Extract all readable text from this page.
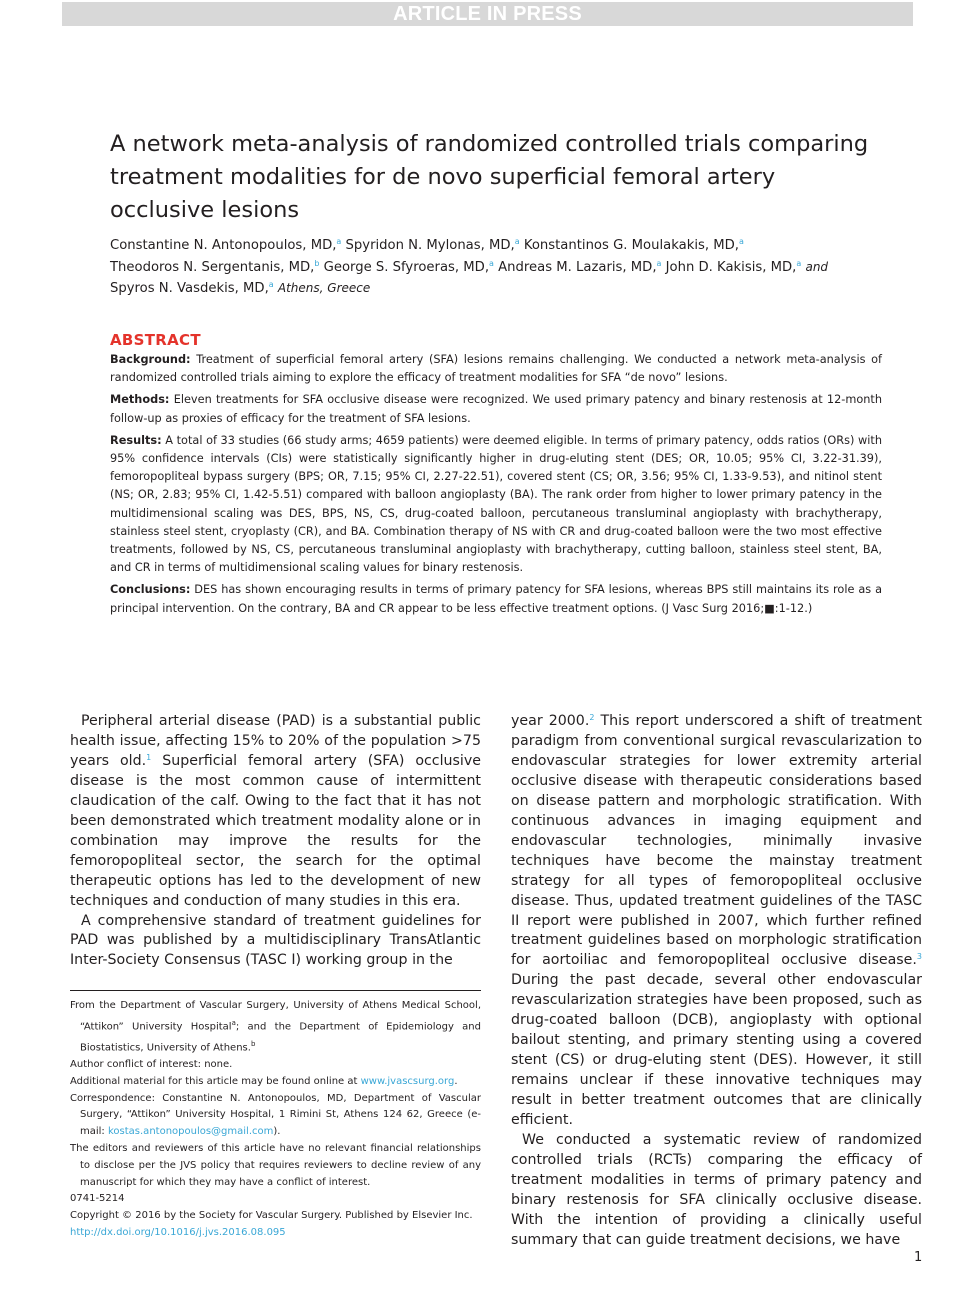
ARTICLE IN PRESS
A network meta-analysis of randomized controlled trials comparing treatment modalities for de novo superficial femoral artery occlusive lesions
Constantine N. Antonopoulos, MD,$^a$ Spyridon N. Mylonas, MD,$^a$ Konstantinos G. Moulakakis, MD,$^a$
Theodoros N. Sergentanis, MD,$^b$ George S. Sfyroeras, MD,$^a$ Andreas M. Lazaris, MD,$^a$ John D. Kakisis, MD,$^a$ and
Spyros N. Vasdekis, MD,$^a$ Athens, Greece
ABSTRACT

Background: Treatment of superficial femoral artery (SFA) lesions remains challenging. We conducted a network meta-analysis of randomized controlled trials aiming to explore the efficacy of treatment modalities for SFA “de novo” lesions.

Methods: Eleven treatments for SFA occlusive disease were recognized. We used primary patency and binary restenosis at 12-month follow-up as proxies of efficacy for the treatment of SFA lesions.

Results: A total of 33 studies (66 study arms; 4659 patients) were deemed eligible. In terms of primary patency, odds ratios (ORs) with 95% confidence intervals (CIs) were statistically significantly higher in drug-eluting stent (DES; OR, 10.05; 95% CI, 3.22-31.39), femoropopliteal bypass surgery (BPS; OR, 7.15; 95% CI, 2.27-22.51), covered stent (CS; OR, 3.56; 95% CI, 1.33-9.53), and nitinol stent (NS; OR, 2.83; 95% CI, 1.42-5.51) compared with balloon angioplasty (BA). The rank order from higher to lower primary patency in the multidimensional scaling was DES, BPS, NS, CS, drug-coated balloon, percutaneous transluminal angioplasty with brachytherapy, stainless steel stent, cryoplasty (CR), and BA. Combination therapy of NS with CR and drug-coated balloon were the two most effective treatments, followed by NS, CS, percutaneous transluminal angioplasty with brachytherapy, cutting balloon, stainless steel stent, BA, and CR in terms of multidimensional scaling values for binary restenosis.

Conclusions: DES has shown encouraging results in terms of primary patency for SFA lesions, whereas BPS still maintains its role as a principal intervention. On the contrary, BA and CR appear to be less effective treatment options. (J Vasc Surg 2016;■:1-12.)

Peripheral arterial disease (PAD) is a substantial public health issue, affecting 15% to 20% of the population >75 years old.$^1$ Superficial femoral artery (SFA) occlusive disease is the most common cause of intermittent claudication of the calf. Owing to the fact that it has not been demonstrated which treatment modality alone or in combination may improve the results for the femoropopliteal sector, the search for the optimal therapeutic options has led to the development of new techniques and conduction of many studies in this era.

A comprehensive standard of treatment guidelines for PAD was published by a multidisciplinary TransAtlantic Inter-Society Consensus (TASC I) working group in the

From the Department of Vascular Surgery, University of Athens Medical School, “Attikon” University Hospital$^a$; and the Department of Epidemiology and Biostatistics, University of Athens.$^b$

Author conflict of interest: none.

Additional material for this article may be found online at www.jvascsurg.org.

Correspondence: Constantine N. Antonopoulos, MD, Department of Vascular Surgery, “Attikon” University Hospital, 1 Rimini St, Athens 124 62, Greece (e-mail: kostas.antonopoulos@gmail.com).

The editors and reviewers of this article have no relevant financial relationships to disclose per the JVS policy that requires reviewers to decline review of any manuscript for which they may have a conflict of interest.

0741-5214

Copyright © 2016 by the Society for Vascular Surgery. Published by Elsevier Inc.

http://dx.doi.org/10.1016/j.jvs.2016.08.095

year 2000.$^2$ This report underscored a shift of treatment paradigm from conventional surgical revascularization to endovascular strategies for lower extremity arterial occlusive disease with therapeutic considerations based on disease pattern and morphologic stratification. With continuous advances in imaging equipment and endovascular technologies, minimally invasive techniques have become the mainstay treatment strategy for all types of femoropopliteal occlusive disease. Thus, updated treatment guidelines of the TASC II report were published in 2007, which further refined treatment guidelines based on morphologic stratification for aortoiliac and femoropopliteal occlusive disease.$^3$ During the past decade, several other endovascular revascularization strategies have been proposed, such as drug-coated balloon (DCB), angioplasty with optional bailout stenting, and primary stenting using a covered stent (CS) or drug-eluting stent (DES). However, it still remains unclear if these innovative techniques may result in better treatment outcomes that are clinically efficient.

We conducted a systematic review of randomized controlled trials (RCTs) comparing the efficacy of treatment modalities in terms of primary patency and binary restenosis for SFA clinically occlusive disease. With the intention of providing a clinically useful summary that can guide treatment decisions, we have

1
